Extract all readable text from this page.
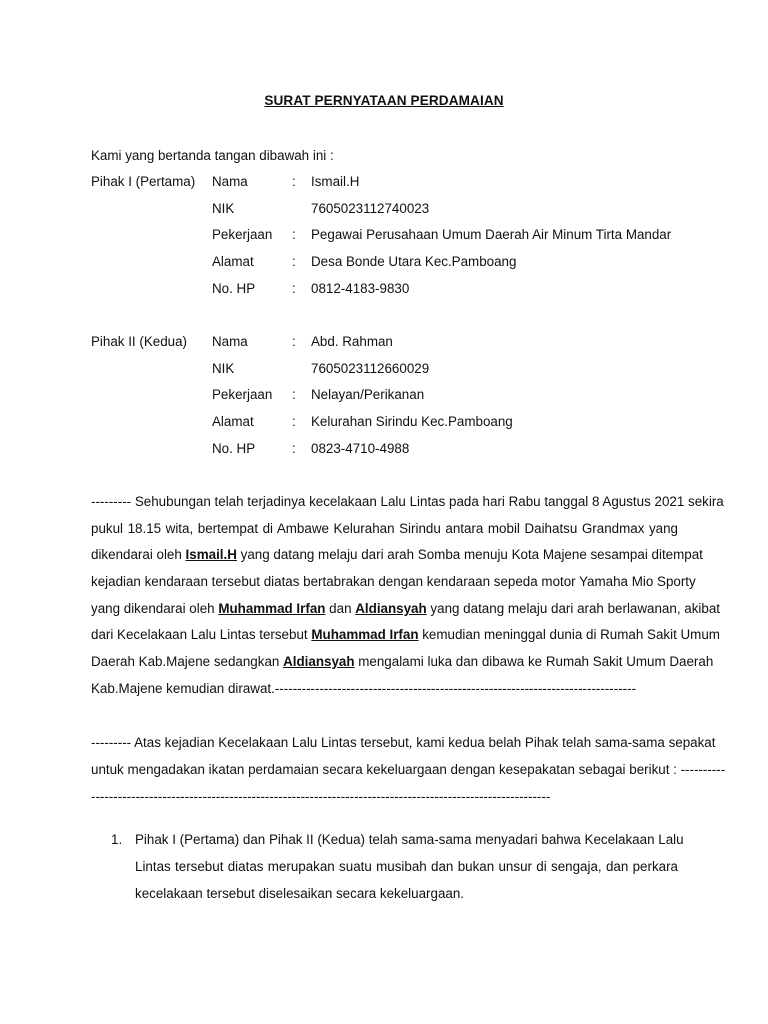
SURAT PERNYATAAN PERDAMAIAN
Kami yang bertanda tangan dibawah ini :
Pihak I (Pertama) Nama	: Ismail.H
NIK	7605023112740023
Pekerjaan : Pegawai Perusahaan Umum Daerah Air Minum Tirta Mandar
Alamat	: Desa Bonde Utara Kec.Pamboang
No. HP	: 0812-4183-9830
Pihak II (Kedua) Nama	: Abd. Rahman
NIK	7605023112660029
Pekerjaan : Nelayan/Perikanan
Alamat	: Kelurahan Sirindu Kec.Pamboang
No. HP	: 0823-4710-4988
--------- Sehubungan telah terjadinya kecelakaan Lalu Lintas pada hari Rabu tanggal 8 Agustus 2021 sekira
pukul 18.15 wita, bertempat di Ambawe Kelurahan Sirindu antara mobil Daihatsu Grandmax yang
dikendarai oleh Ismail.H yang datang melaju dari arah Somba menuju Kota Majene sesampai ditempat
kejadian kendaraan tersebut diatas bertabrakan dengan kendaraan sepeda motor Yamaha Mio Sporty
yang dikendarai oleh Muhammad Irfan dan Aldiansyah yang datang melaju dari arah berlawanan, akibat
dari Kecelakaan Lalu Lintas tersebut Muhammad Irfan kemudian meninggal dunia di Rumah Sakit Umum
Daerah Kab.Majene sedangkan Aldiansyah mengalami luka dan dibawa ke Rumah Sakit Umum Daerah
Kab.Majene kemudian dirawat.---------------------------------------------------------------------------------
--------- Atas kejadian Kecelakaan Lalu Lintas tersebut, kami kedua belah Pihak telah sama-sama sepakat
untuk mengadakan ikatan perdamaian secara kekeluargaan dengan kesepakatan sebagai berikut : ----------
-------------------------------------------------------------------------------------------------------
1. Pihak I (Pertama) dan Pihak II (Kedua) telah sama-sama menyadari bahwa Kecelakaan Lalu
Lintas tersebut diatas merupakan suatu musibah dan bukan unsur di sengaja, dan perkara
kecelakaan tersebut diselesaikan secara kekeluargaan.
